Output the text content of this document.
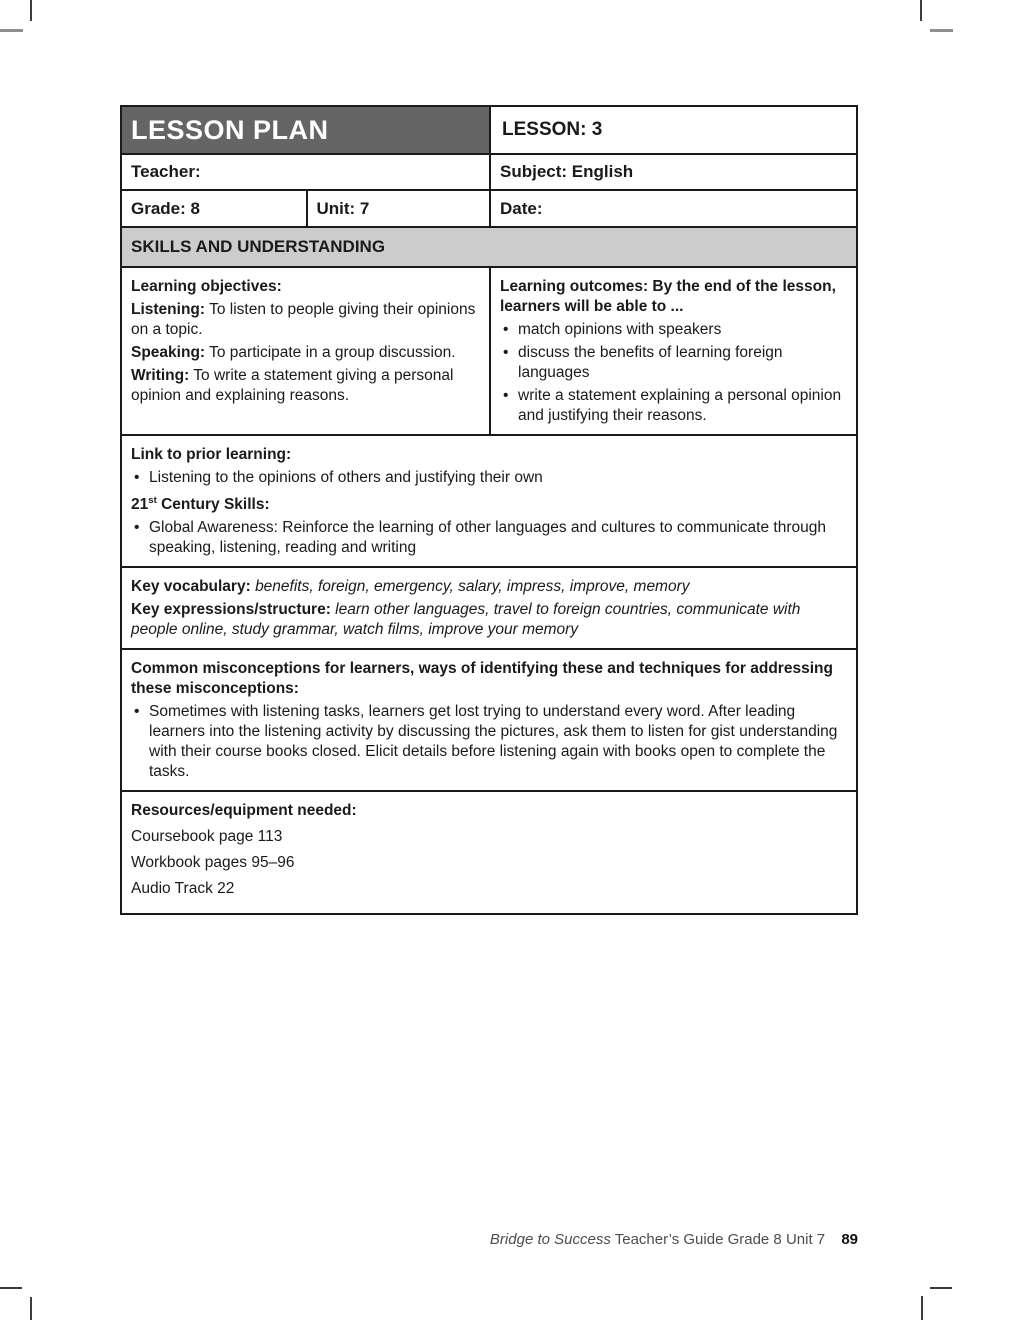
LESSON PLAN	LESSON: 3
Teacher:	Subject: English
Grade: 8	Unit: 7	Date:
SKILLS AND UNDERSTANDING

Learning objectives:

Listening: To listen to people giving their opinions on a topic.

Speaking: To participate in a group discussion.

Writing: To write a statement giving a personal opinion and explaining reasons.

Learning outcomes: By the end of the lesson, learners will be able to ...

• match opinions with speakers
• discuss the benefits of learning foreign languages
• write a statement explaining a personal opinion and justifying their reasons.

Link to prior learning:

• Listening to the opinions of others and justifying their own

21st Century Skills:

• Global Awareness: Reinforce the learning of other languages and cultures to communicate through speaking, listening, reading and writing

Key vocabulary: benefits, foreign, emergency, salary, impress, improve, memory

Key expressions/structure: learn other languages, travel to foreign countries, communicate with people online, study grammar, watch films, improve your memory

Common misconceptions for learners, ways of identifying these and techniques for addressing these misconceptions:

• Sometimes with listening tasks, learners get lost trying to understand every word. After leading learners into the listening activity by discussing the pictures, ask them to listen for gist understanding with their course books closed. Elicit details before listening again with books open to complete the tasks.

Resources/equipment needed:

Coursebook page 113

Workbook pages 95–96

Audio Track 22

Bridge to Success Teacher’s Guide Grade 8 Unit 7 89
